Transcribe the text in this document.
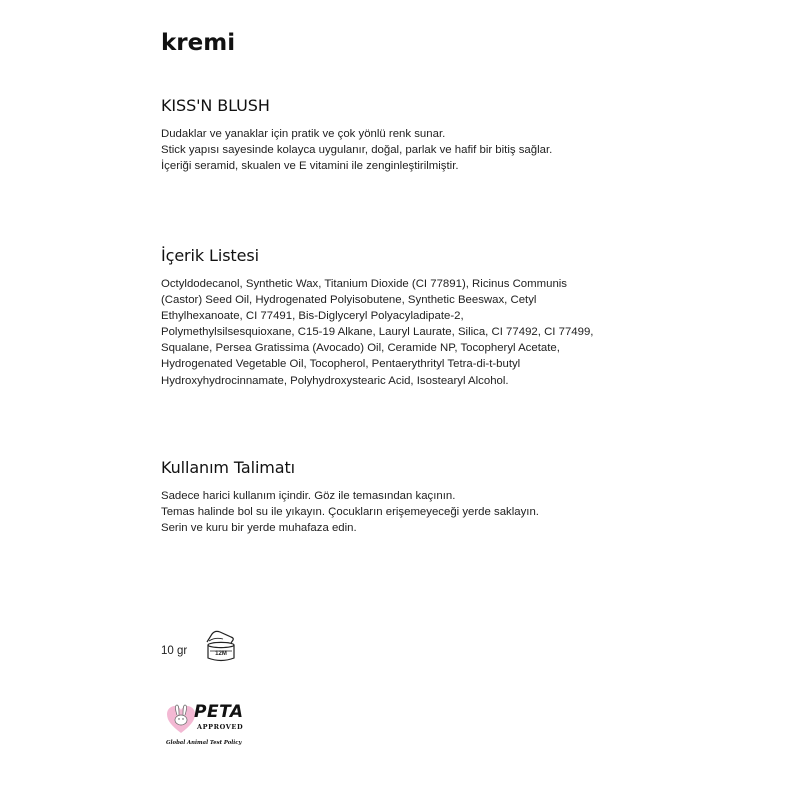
kremi
KISS'N BLUSH
Dudaklar ve yanaklar için pratik ve çok yönlü renk sunar.
Stick yapısı sayesinde kolayca uygulanır, doğal, parlak ve hafif bir bitiş sağlar.
İçeriği seramid, skualen ve E vitamini ile zenginleştirilmiştir.
İçerik Listesi
Octyldodecanol, Synthetic Wax, Titanium Dioxide (CI 77891), Ricinus Communis
(Castor) Seed Oil, Hydrogenated Polyisobutene, Synthetic Beeswax, Cetyl
Ethylhexanoate, CI 77491, Bis-Diglyceryl Polyacyladipate-2,
Polymethylsilsesquioxane, C15-19 Alkane, Lauryl Laurate, Silica, CI 77492, CI 77499,
Squalane, Persea Gratissima (Avocado) Oil, Ceramide NP, Tocopheryl Acetate,
Hydrogenated Vegetable Oil, Tocopherol, Pentaerythrityl Tetra-di-t-butyl
Hydroxyhydrocinnamate, Polyhydroxystearic Acid, Isostearyl Alcohol.
Kullanım Talimatı
Sadece harici kullanım içindir. Göz ile temasından kaçının.
Temas halinde bol su ile yıkayın. Çocukların erişemeyeceği yerde saklayın.
Serin ve kuru bir yerde muhafaza edin.
10 gr	12M
PETA
APPROVED
Global Animal Test Policy
